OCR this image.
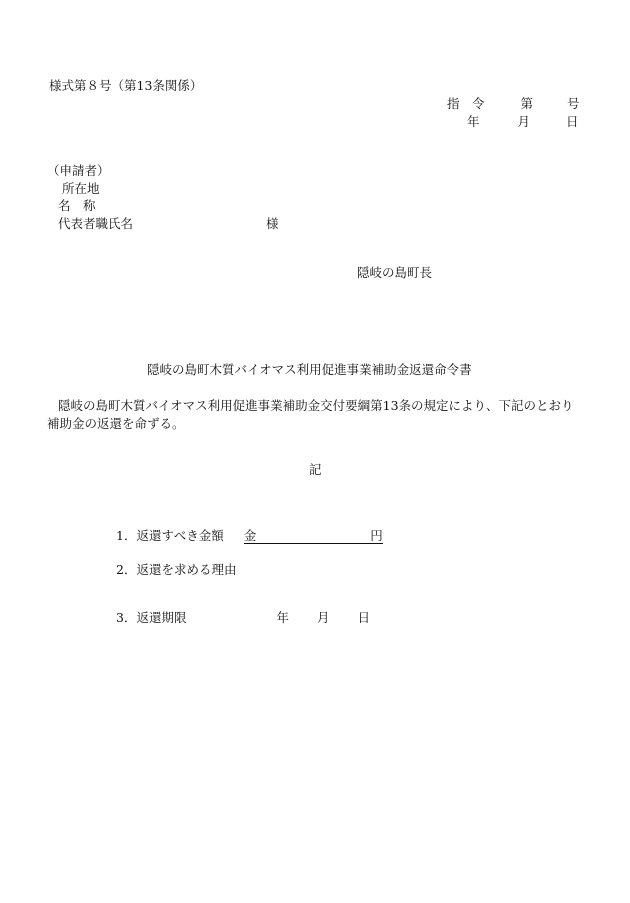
様式第８号（第13条関係）
指　令	第	号
年	月	日
（申請者）
所在地
名　称
代表者職氏名	様
隠岐の島町長
隠岐の島町木質バイオマス利用促進事業補助金返還命令書
隠岐の島町木質バイオマス利用促進事業補助金交付要綱第13条の規定により、下記のとおり
補助金の返還を命ずる。
記
1．返還すべき金額 金	円
2．返還を求める理由
3．返還期限	年 月 日
